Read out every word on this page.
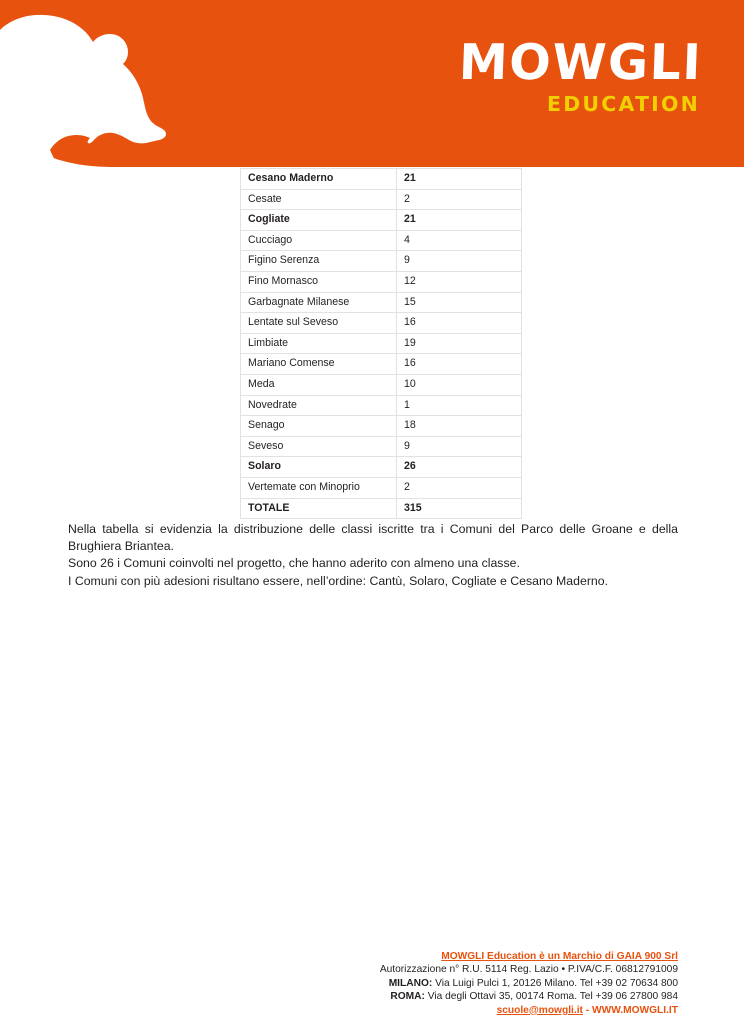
MOWGLI
EDUCATION
Cesano Maderno	21
Cesate	2
Cogliate	21
Cucciago	4
Figino Serenza	9
Fino Mornasco	12
Garbagnate Milanese	15
Lentate sul Seveso	16
Limbiate	19
Mariano Comense	16
Meda	10
Novedrate	1
Senago	18
Seveso	9
Solaro	26
Vertemate con Minoprio	2
TOTALE	315

Nella tabella si evidenzia la distribuzione delle classi iscritte tra i Comuni del Parco delle Groane e della Brughiera Briantea.

Sono 26 i Comuni coinvolti nel progetto, che hanno aderito con almeno una classe.

I Comuni con più adesioni risultano essere, nell’ordine: Cantù, Solaro, Cogliate e Cesano Maderno.

MOWGLI Education è un Marchio di GAIA 900 Srl
Autorizzazione n° R.U. 5114 Reg. Lazio • P.IVA/C.F. 06812791009
MILANO: Via Luigi Pulci 1, 20126 Milano. Tel +39 02 70634 800
ROMA: Via degli Ottavi 35, 00174 Roma. Tel +39 06 27800 984
scuole@mowgli.it - WWW.MOWGLI.IT
